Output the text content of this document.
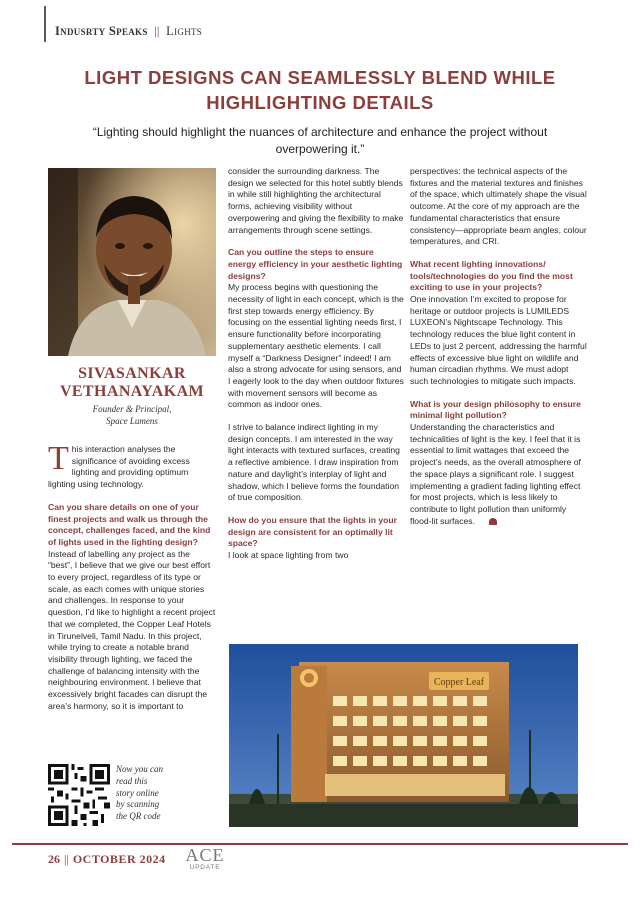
Indusrty Speaks || Lights
LIGHT DESIGNS CAN SEAMLESSLY BLEND WHILE HIGHLIGHTING DETAILS

“Lighting should highlight the nuances of architecture and enhance the project without overpowering it.”

SIVASANKAR
VETHANAYAKAM
Founder & Principal,
Space Lumens

This interaction analyses the significance of avoiding excess lighting and providing optimum lighting using technology.

Can you share details on one of your finest projects and walk us through the concept, challenges faced, and the kind of lights used in the lighting design?

Instead of labelling any project as the “best”, I believe that we give our best effort to every project, regardless of its type or scale, as each comes with unique stories and challenges. In response to your question, I’d like to highlight a recent project that we completed, the Copper Leaf Hotels in Tirunelveli, Tamil Nadu. In this project, while trying to create a notable brand visibility through lighting, we faced the challenge of balancing intensity with the neighbouring environment. I believe that excessively bright facades can disrupt the area’s harmony, so it is important to

consider the surrounding darkness. The design we selected for this hotel subtly blends in while still highlighting the architectural forms, achieving visibility without overpowering and giving the flexibility to make arrangements through scene settings.

Can you outline the steps to ensure energy efficiency in your aesthetic lighting designs?

My process begins with questioning the necessity of light in each concept, which is the first step towards energy efficiency. By focusing on the essential lighting needs first, I ensure functionality before incorporating supplementary aesthetic elements. I call myself a “Darkness Designer” indeed! I am also a strong advocate for using sensors, and I eagerly look to the day when outdoor fixtures with movement sensors will become as common as indoor ones.

I strive to balance indirect lighting in my design concepts. I am interested in the way light interacts with textured surfaces, creating a reflective ambience. I draw inspiration from nature and daylight’s interplay of light and shadow, which I believe forms the foundation of true composition.

How do you ensure that the lights in your design are consistent for an optimally lit space?

I look at space lighting from two

perspectives: the technical aspects of the fixtures and the material textures and finishes of the space, which ultimately shape the visual outcome. At the core of my approach are the fundamental characteristics that ensure consistency—appropriate beam angles, colour temperatures, and CRI.

What recent lighting innovations/ tools/technologies do you find the most exciting to use in your projects?

One innovation I’m excited to propose for heritage or outdoor projects is LUMILEDS LUXEON’s Nightscape Technology. This technology reduces the blue light content in LEDs to just 2 percent, addressing the harmful effects of excessive blue light on wildlife and human circadian rhythms. We must adopt such technologies to mitigate such impacts.

What is your design philosophy to ensure minimal light pollution?

Understanding the characteristics and technicalities of light is the key. I feel that it is essential to limit wattages that exceed the project’s needs, as the overall atmosphere of the space plays a significant role. I suggest implementing a gradient fading lighting effect for most projects, which is less likely to contribute to light pollution than uniformly flood-lit surfaces.

Now you can
read this
story online
by scanning
the QR code
Copper Leaf
26 || OCTOBER 2024 ACE
UPDATE
